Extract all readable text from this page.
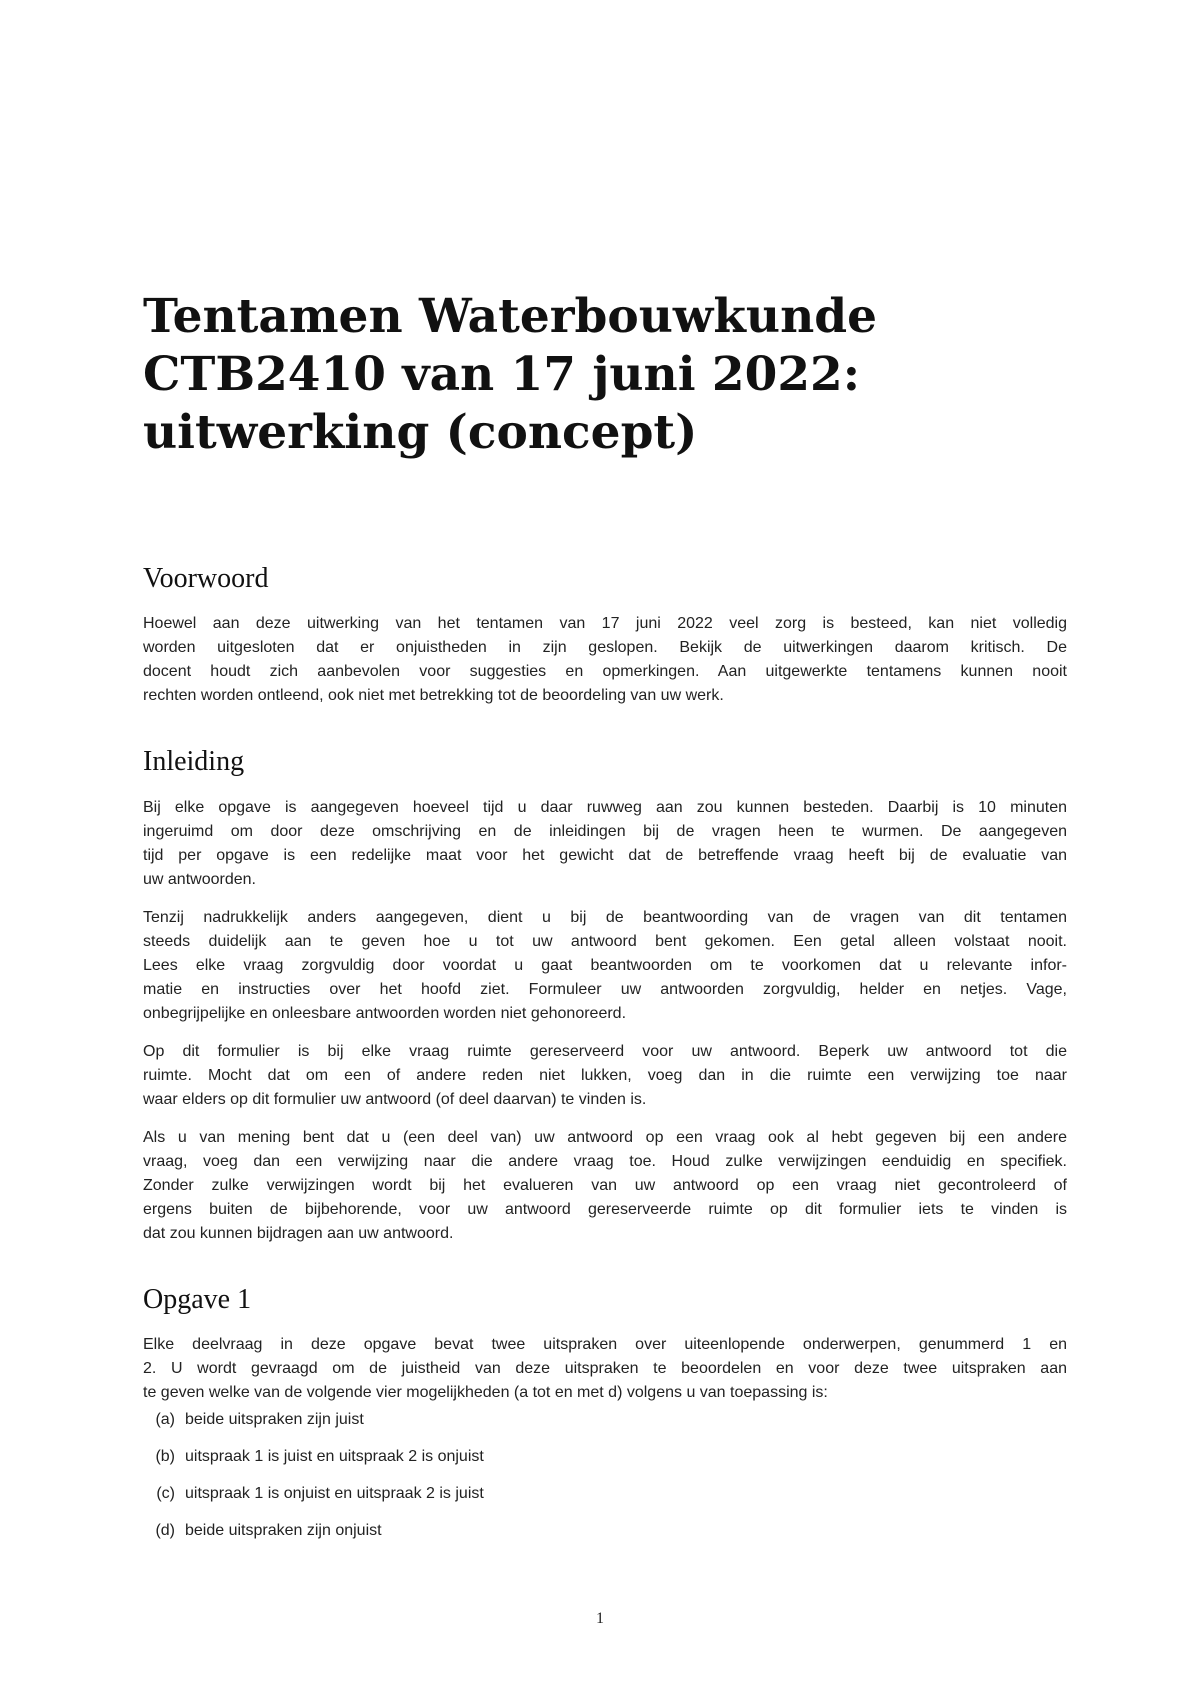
Tentamen Waterbouwkunde
CTB2410 van 17 juni 2022:
uitwerking (concept)
Voorwoord

Hoewel aan deze uitwerking van het tentamen van 17 juni 2022 veel zorg is besteed, kan niet volledig
worden uitgesloten dat er onjuistheden in zijn geslopen. Bekijk de uitwerkingen daarom kritisch. De
docent houdt zich aanbevolen voor suggesties en opmerkingen. Aan uitgewerkte tentamens kunnen nooit
rechten worden ontleend, ook niet met betrekking tot de beoordeling van uw werk.

Inleiding

Bij elke opgave is aangegeven hoeveel tijd u daar ruwweg aan zou kunnen besteden. Daarbij is 10 minuten
ingeruimd om door deze omschrijving en de inleidingen bij de vragen heen te wurmen. De aangegeven
tijd per opgave is een redelijke maat voor het gewicht dat de betreffende vraag heeft bij de evaluatie van
uw antwoorden.

Tenzij nadrukkelijk anders aangegeven, dient u bij de beantwoording van de vragen van dit tentamen
steeds duidelijk aan te geven hoe u tot uw antwoord bent gekomen. Een getal alleen volstaat nooit.
Lees elke vraag zorgvuldig door voordat u gaat beantwoorden om te voorkomen dat u relevante infor-
matie en instructies over het hoofd ziet. Formuleer uw antwoorden zorgvuldig, helder en netjes. Vage,
onbegrijpelijke en onleesbare antwoorden worden niet gehonoreerd.

Op dit formulier is bij elke vraag ruimte gereserveerd voor uw antwoord. Beperk uw antwoord tot die
ruimte. Mocht dat om een of andere reden niet lukken, voeg dan in die ruimte een verwijzing toe naar
waar elders op dit formulier uw antwoord (of deel daarvan) te vinden is.

Als u van mening bent dat u (een deel van) uw antwoord op een vraag ook al hebt gegeven bij een andere
vraag, voeg dan een verwijzing naar die andere vraag toe. Houd zulke verwijzingen eenduidig en specifiek.
Zonder zulke verwijzingen wordt bij het evalueren van uw antwoord op een vraag niet gecontroleerd of
ergens buiten de bijbehorende, voor uw antwoord gereserveerde ruimte op dit formulier iets te vinden is
dat zou kunnen bijdragen aan uw antwoord.

Opgave 1

Elke deelvraag in deze opgave bevat twee uitspraken over uiteenlopende onderwerpen, genummerd 1 en
2. U wordt gevraagd om de juistheid van deze uitspraken te beoordelen en voor deze twee uitspraken aan
te geven welke van de volgende vier mogelijkheden (a tot en met d) volgens u van toepassing is:

(a) beide uitspraken zijn juist
(b) uitspraak 1 is juist en uitspraak 2 is onjuist
(c) uitspraak 1 is onjuist en uitspraak 2 is juist
(d) beide uitspraken zijn onjuist
1
